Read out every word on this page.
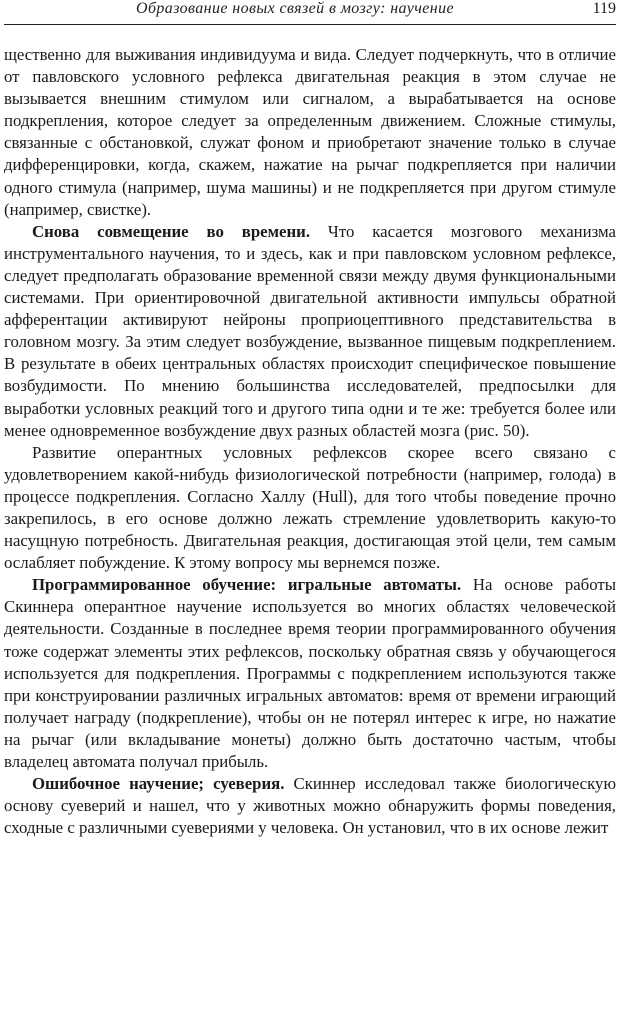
Образование новых связей в мозгу: научение	119

щественно для выживания индивидуума и вида. Следует подчеркнуть, что в отличие от павловского условного рефлекса двигательная реакция в этом случае не вызывается внешним стимулом или сигналом, а вырабатывается на основе подкрепления, которое следует за определенным движением. Сложные стимулы, связанные с обстановкой, служат фоном и приобретают значение только в случае дифференцировки, когда, скажем, нажатие на рычаг подкрепляется при наличии одного стимула (например, шума машины) и не подкрепляется при другом стимуле (например, свистке).

Снова совмещение во времени. Что касается мозгового механизма инструментального научения, то и здесь, как и при павловском условном рефлексе, следует предполагать образование временной связи между двумя функциональными системами. При ориентировочной двигательной активности импульсы обратной афферентации активируют нейроны проприоцептивного представительства в головном мозгу. За этим следует возбуждение, вызванное пищевым подкреплением. В результате в обеих центральных областях происходит специфическое повышение возбудимости. По мнению большинства исследователей, предпосылки для выработки условных реакций того и другого типа одни и те же: требуется более или менее одновременное возбуждение двух разных областей мозга (рис. 50).

Развитие оперантных условных рефлексов скорее всего связано с удовлетворением какой-нибудь физиологической потребности (например, голода) в процессе подкрепления. Согласно Халлу (Hull), для того чтобы поведение прочно закрепилось, в его основе должно лежать стремление удовлетворить какую-то насущную потребность. Двигательная реакция, достигающая этой цели, тем самым ослабляет побуждение. К этому вопросу мы вернемся позже.

Программированное обучение: игральные автоматы. На основе работы Скиннера оперантное научение используется во многих областях человеческой деятельности. Созданные в последнее время теории программированного обучения тоже содержат элементы этих рефлексов, поскольку обратная связь у обучающегося используется для подкрепления. Программы с подкреплением используются также при конструировании различных игральных автоматов: время от времени играющий получает награду (подкрепление), чтобы он не потерял интерес к игре, но нажатие на рычаг (или вкладывание монеты) должно быть достаточно частым, чтобы владелец автомата получал прибыль.

Ошибочное научение; суеверия. Скиннер исследовал также биологическую основу суеверий и нашел, что у животных можно обнаружить формы поведения, сходные с различными суевериями у человека. Он установил, что в их основе лежит
